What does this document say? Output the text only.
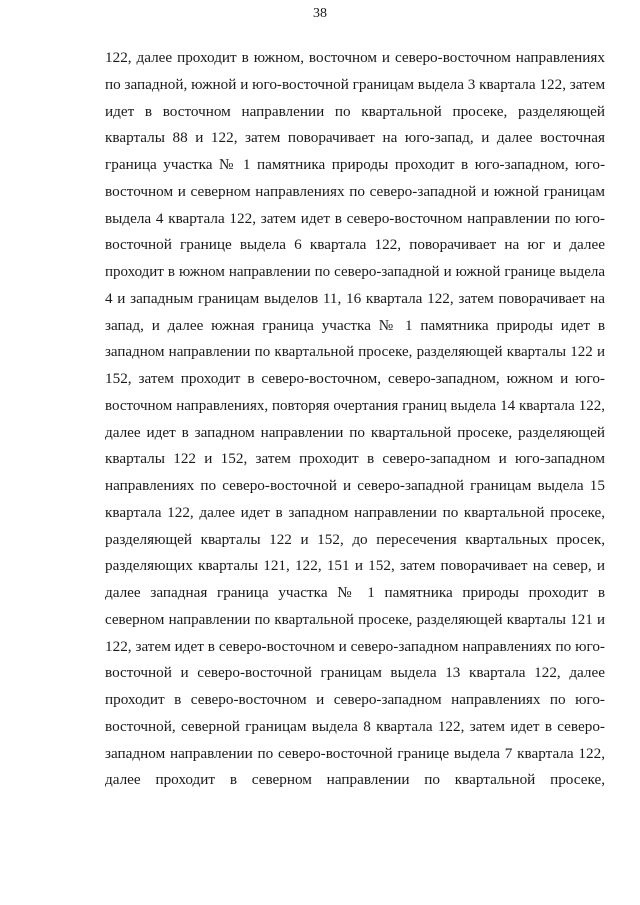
38
122, далее проходит в южном, восточном и северо-восточном направлениях
по западной, южной и юго-восточной границам выдела 3 квартала 122, затем
идет в восточном направлении по квартальной просеке, разделяющей
кварталы 88 и 122, затем поворачивает на юго-запад, и далее восточная
граница участка № 1 памятника природы проходит в юго-западном, юго-
восточном и северном направлениях по северо-западной и южной границам
выдела 4 квартала 122, затем идет в северо-восточном направлении по юго-
восточной границе выдела 6 квартала 122, поворачивает на юг и далее
проходит в южном направлении по северо-западной и южной границе выдела
4 и западным границам выделов 11, 16 квартала 122, затем поворачивает на
запад, и далее южная граница участка № 1 памятника природы идет в
западном направлении по квартальной просеке, разделяющей кварталы 122 и
152, затем проходит в северо-восточном, северо-западном, южном и юго-
восточном направлениях, повторяя очертания границ выдела 14 квартала 122,
далее идет в западном направлении по квартальной просеке, разделяющей
кварталы 122 и 152, затем проходит в северо-западном и юго-западном
направлениях по северо-восточной и северо-западной границам выдела 15
квартала 122, далее идет в западном направлении по квартальной просеке,
разделяющей кварталы 122 и 152, до пересечения квартальных просек,
разделяющих кварталы 121, 122, 151 и 152, затем поворачивает на север, и
далее западная граница участка № 1 памятника природы проходит в
северном направлении по квартальной просеке, разделяющей кварталы 121 и
122, затем идет в северо-восточном и северо-западном направлениях по юго-
восточной и северо-восточной границам выдела 13 квартала 122, далее
проходит в северо-восточном и северо-западном направлениях по юго-
восточной, северной границам выдела 8 квартала 122, затем идет в северо-
западном направлении по северо-восточной границе выдела 7 квартала 122,
далее проходит в северном направлении по квартальной просеке,
